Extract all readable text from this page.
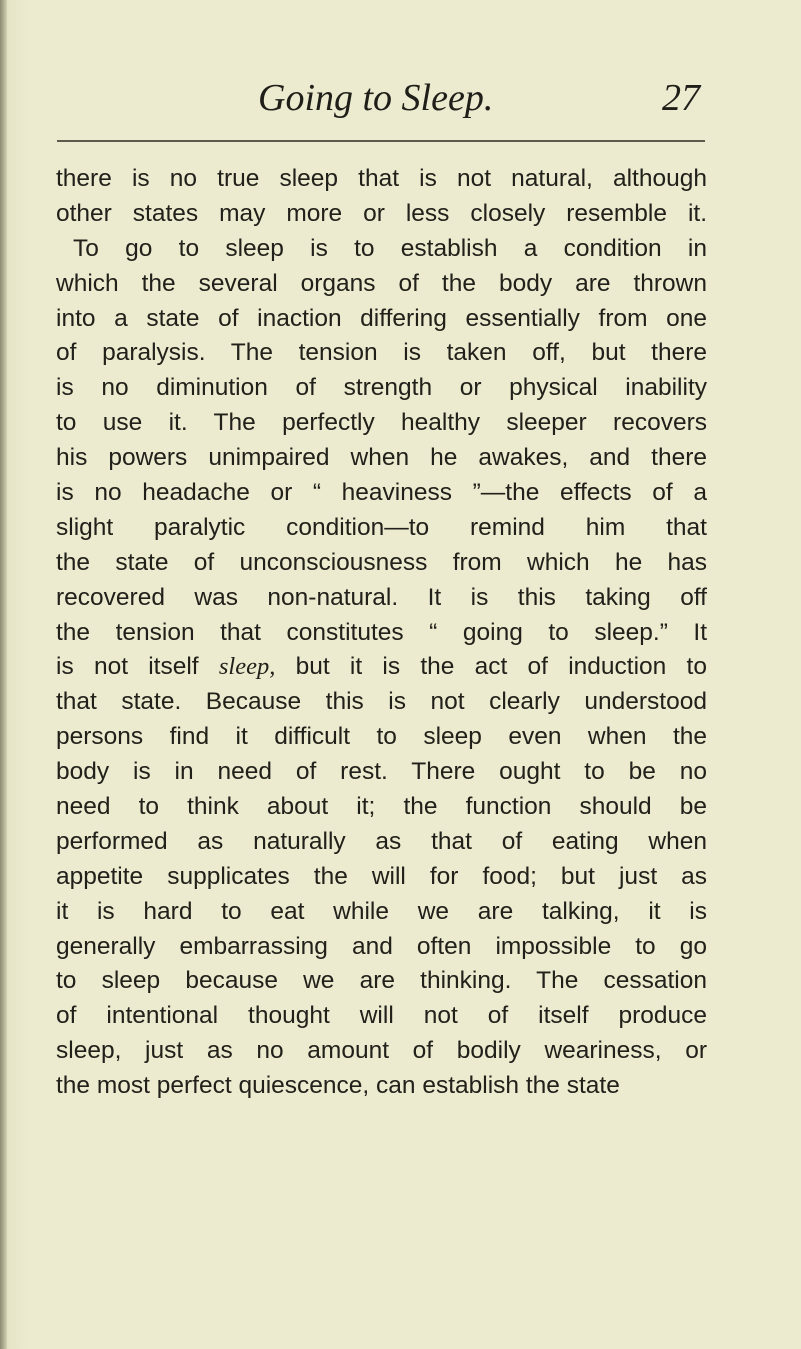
Going to Sleep.	27
there is no true sleep that is not natural, although
other states may more or less closely resemble it.
To go to sleep is to establish a condition in
which the several organs of the body are thrown
into a state of inaction differing essentially from one
of paralysis. The tension is taken off, but there
is no diminution of strength or physical inability
to use it. The perfectly healthy sleeper recovers
his powers unimpaired when he awakes, and there
is no headache or “ heaviness ”—the effects of a
slight paralytic condition—to remind him that
the state of unconsciousness from which he has
recovered was non-natural. It is this taking off
the tension that constitutes “ going to sleep.” It
is not itself sleep, but it is the act of induction to
that state. Because this is not clearly understood
persons find it difficult to sleep even when the
body is in need of rest. There ought to be no
need to think about it; the function should be
performed as naturally as that of eating when
appetite supplicates the will for food; but just as
it is hard to eat while we are talking, it is
generally embarrassing and often impossible to go
to sleep because we are thinking. The cessation
of intentional thought will not of itself produce
sleep, just as no amount of bodily weariness, or
the most perfect quiescence, can establish the state
